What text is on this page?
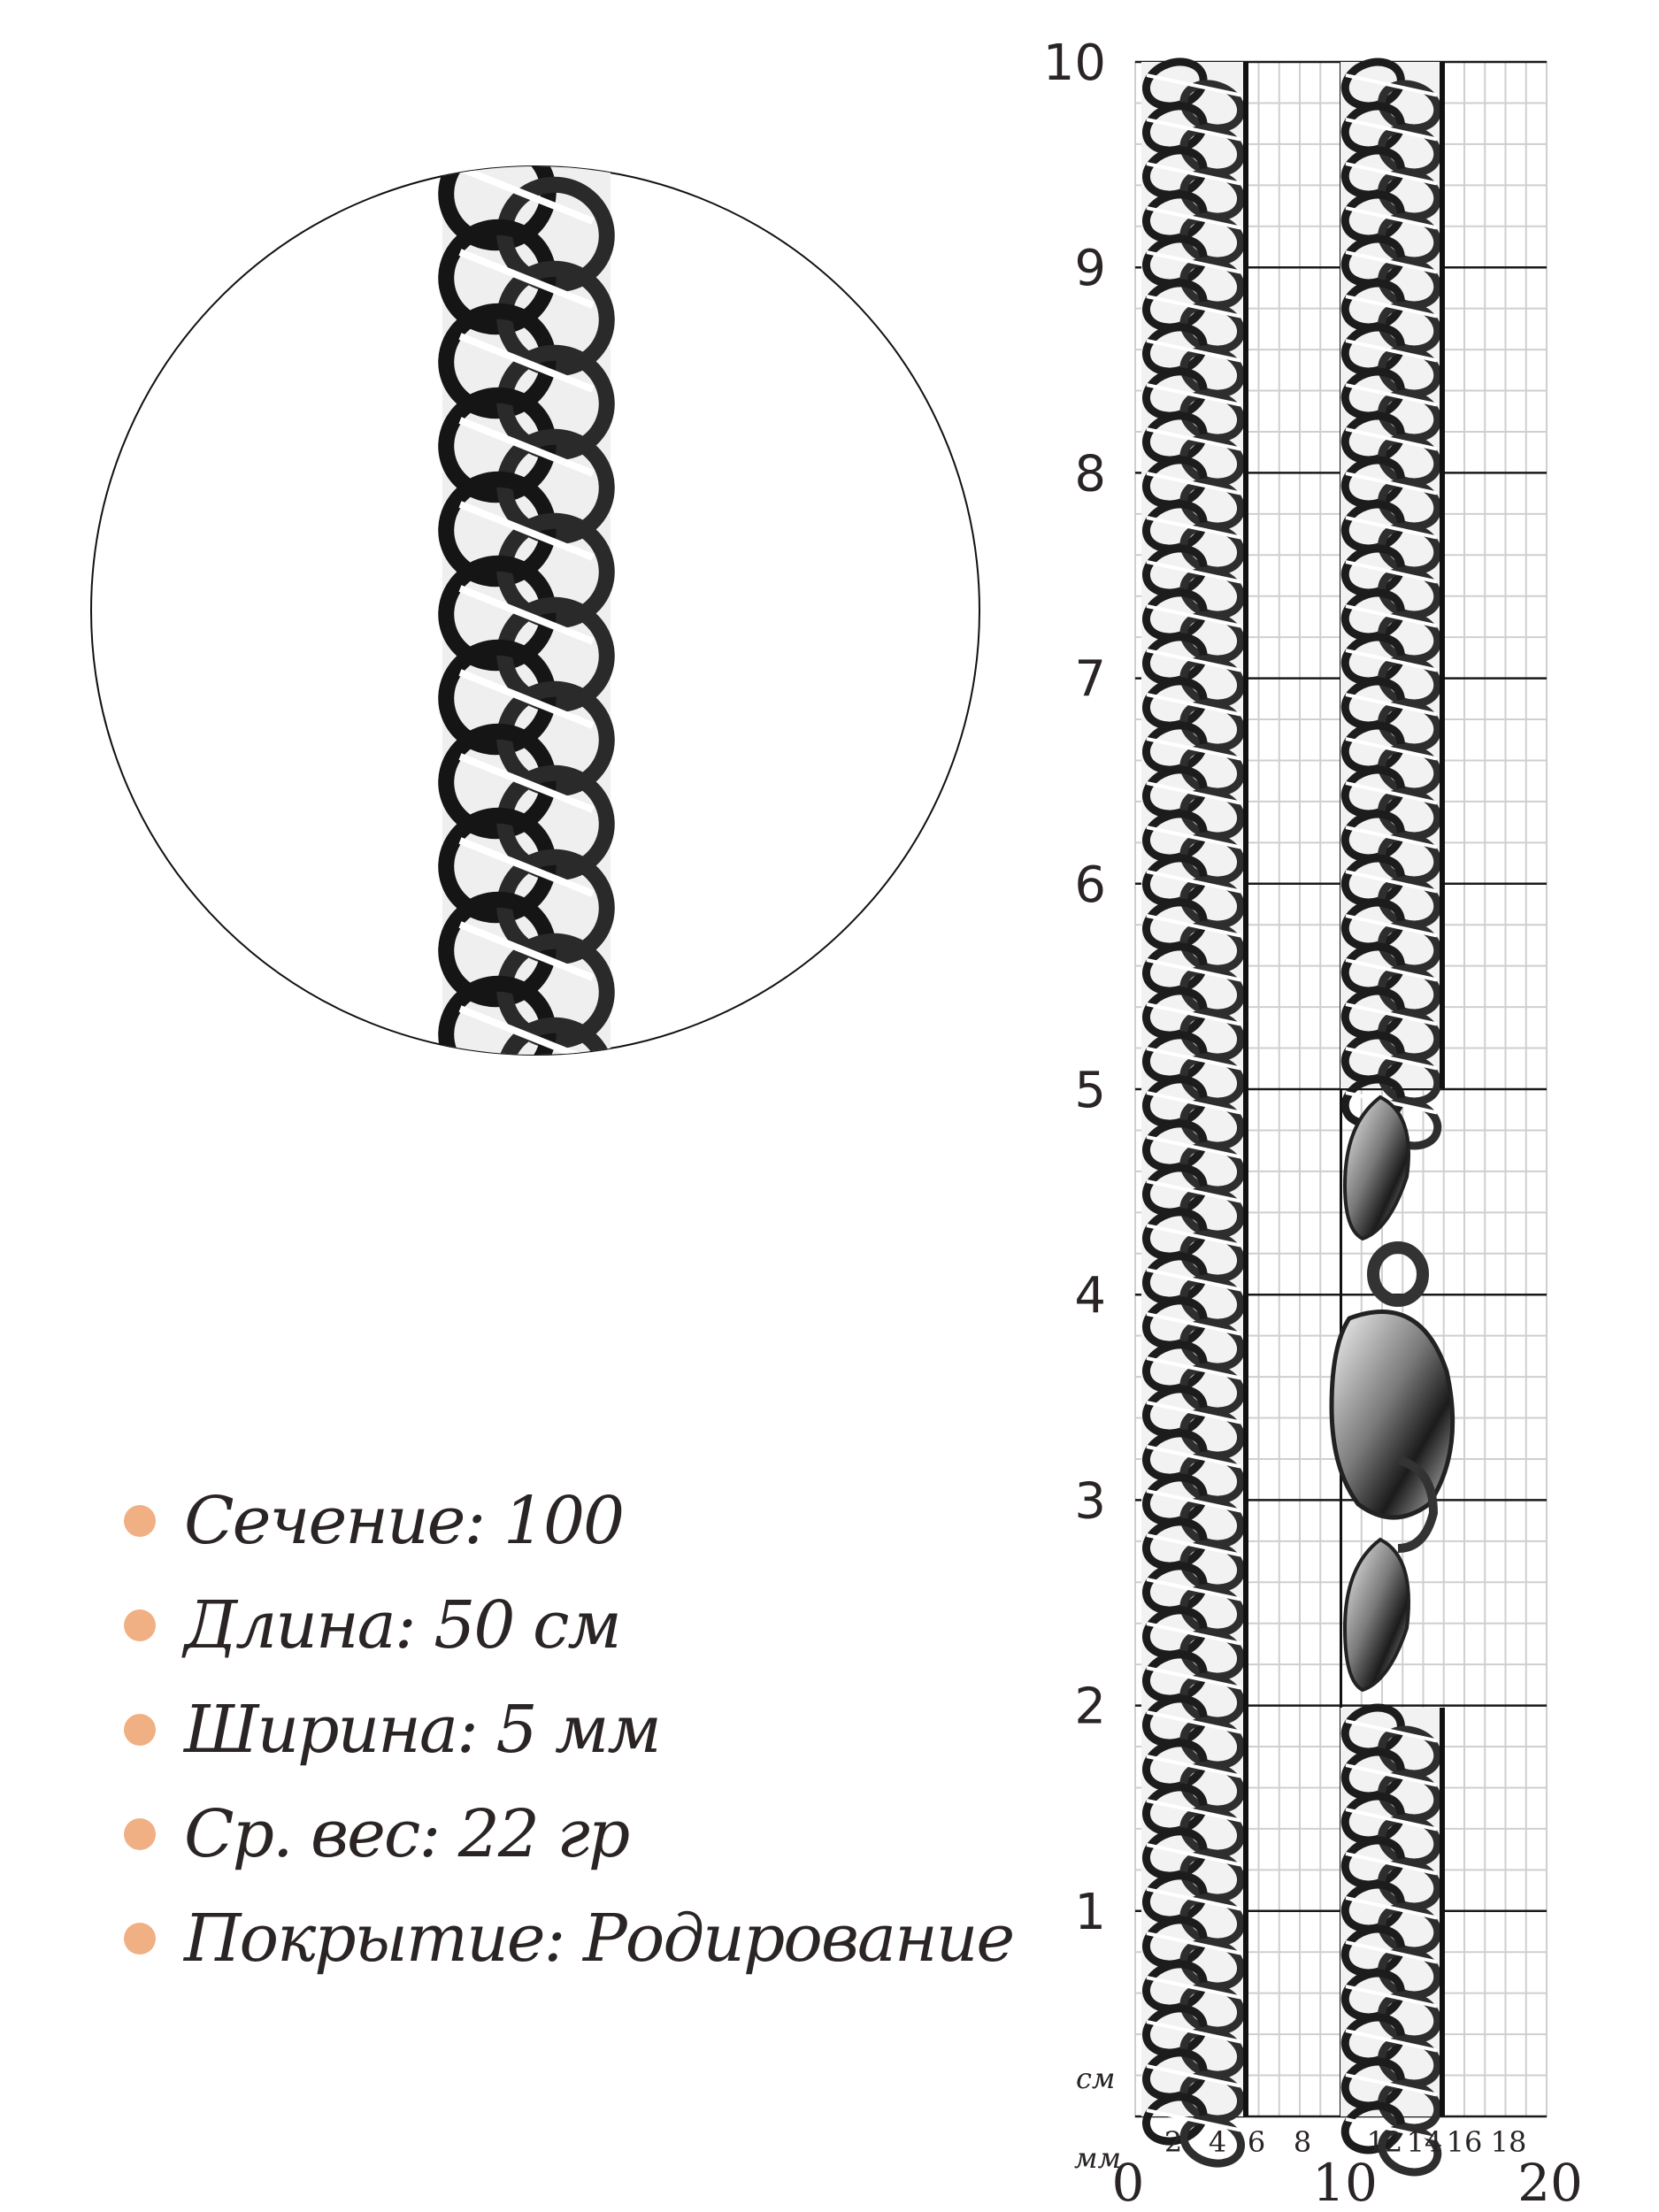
10
9
8
7
6
5
4
3
2
1
2 4 6 8 12 14 16 18
0	10	20
см
мм
Сечение: 100
Длина: 50 см
Ширина: 5 мм
Ср. вес: 22 гр
Покрытие: Родирование
